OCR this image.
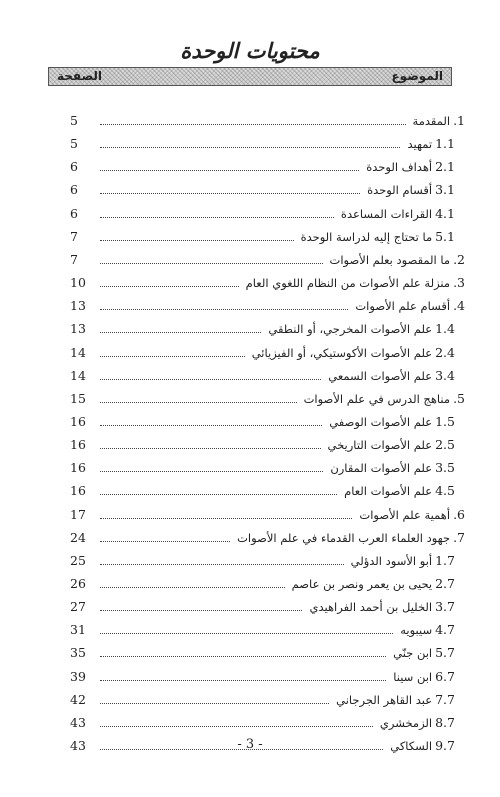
محتويات الوحدة
الموضوع
الصفحة
.1
المقدمة
5
1.1
تمهيد
5
2.1
أهداف الوحدة
6
3.1
أقسام الوحدة
6
4.1
القراءات المساعدة
6
5.1
ما تحتاج إليه لدراسة الوحدة
7
.2
ما المقصود بعلم الأصوات
7
.3
منزلة علم الأصوات من النظام اللغوي العام
10
.4
أقسام علم الأصوات
13
1.4
علم الأصوات المخرجي، أو النطقي
13
2.4
علم الأصوات الأكوستيكي، أو الفيزيائي
14
3.4
علم الأصوات السمعي
14
.5
مناهج الدرس في علم الأصوات
15
1.5
علم الأصوات الوصفي
16
2.5
علم الأصوات التاريخي
16
3.5
علم الأصوات المقارن
16
4.5
علم الأصوات العام
16
.6
أهمية علم الأصوات
17
.7
جهود العلماء العرب القدماء في علم الأصوات
24
1.7
أبو الأسود الدؤلي
25
2.7
يحيى بن يعمر ونصر بن عاصم
26
3.7
الخليل بن أحمد الفراهيدي
27
4.7
سيبويه
31
5.7
ابن جنّي
35
6.7
ابن سينا
39
7.7
عبد القاهر الجرجاني
42
8.7
الزمخشري
43
9.7
السكاكي
43	- 3 -
